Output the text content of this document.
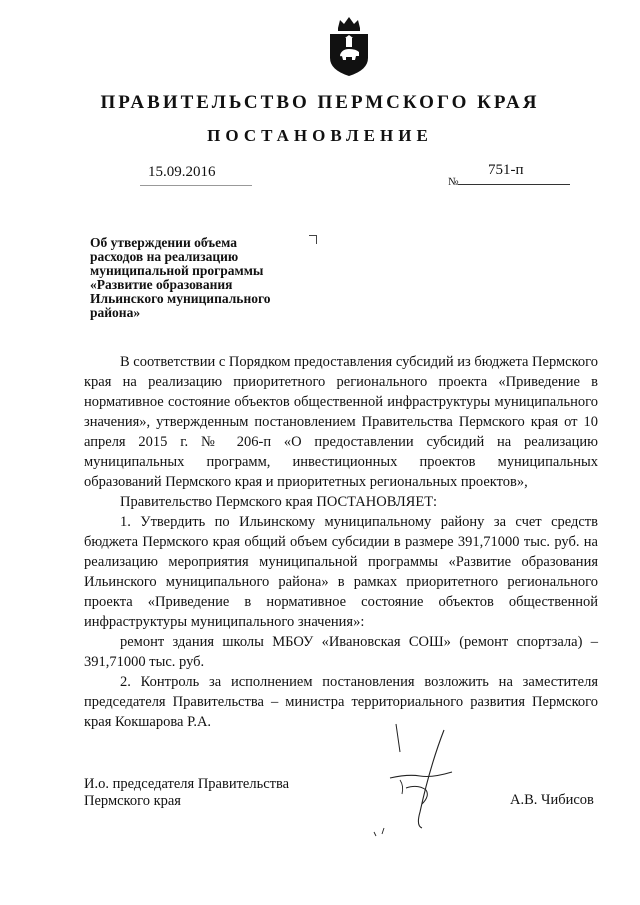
ПРАВИТЕЛЬСТВО ПЕРМСКОГО КРАЯ
ПОСТАНОВЛЕНИЕ
15.09.2016
№
751-п
Об утверждении объема
расходов на реализацию
муниципальной программы
«Развитие образования
Ильинского муниципального
района»

В соответствии с Порядком предоставления субсидий из бюджета Пермского края на реализацию приоритетного регионального проекта «Приведение в нормативное состояние объектов общественной инфраструктуры муниципального значения», утвержденным постановлением Правительства Пермского края от 10 апреля 2015 г. № 206-п «О предоставлении субсидий на реализацию муниципальных программ, инвестиционных проектов муниципальных образований Пермского края и приоритетных региональных проектов»,

Правительство Пермского края ПОСТАНОВЛЯЕТ:

1. Утвердить по Ильинскому муниципальному району за счет средств бюджета Пермского края общий объем субсидии в размере 391,71000 тыс. руб. на реализацию мероприятия муниципальной программы «Развитие образования Ильинского муниципального района» в рамках приоритетного регионального проекта «Приведение в нормативное состояние объектов общественной инфраструктуры муниципального значения»:

ремонт здания школы МБОУ «Ивановская СОШ» (ремонт спортзала) – 391,71000 тыс. руб.

2. Контроль за исполнением постановления возложить на заместителя председателя Правительства – министра территориального развития Пермского края Кокшарова Р.А.

И.о. председателя Правительства
Пермского края	А.В. Чибисов
